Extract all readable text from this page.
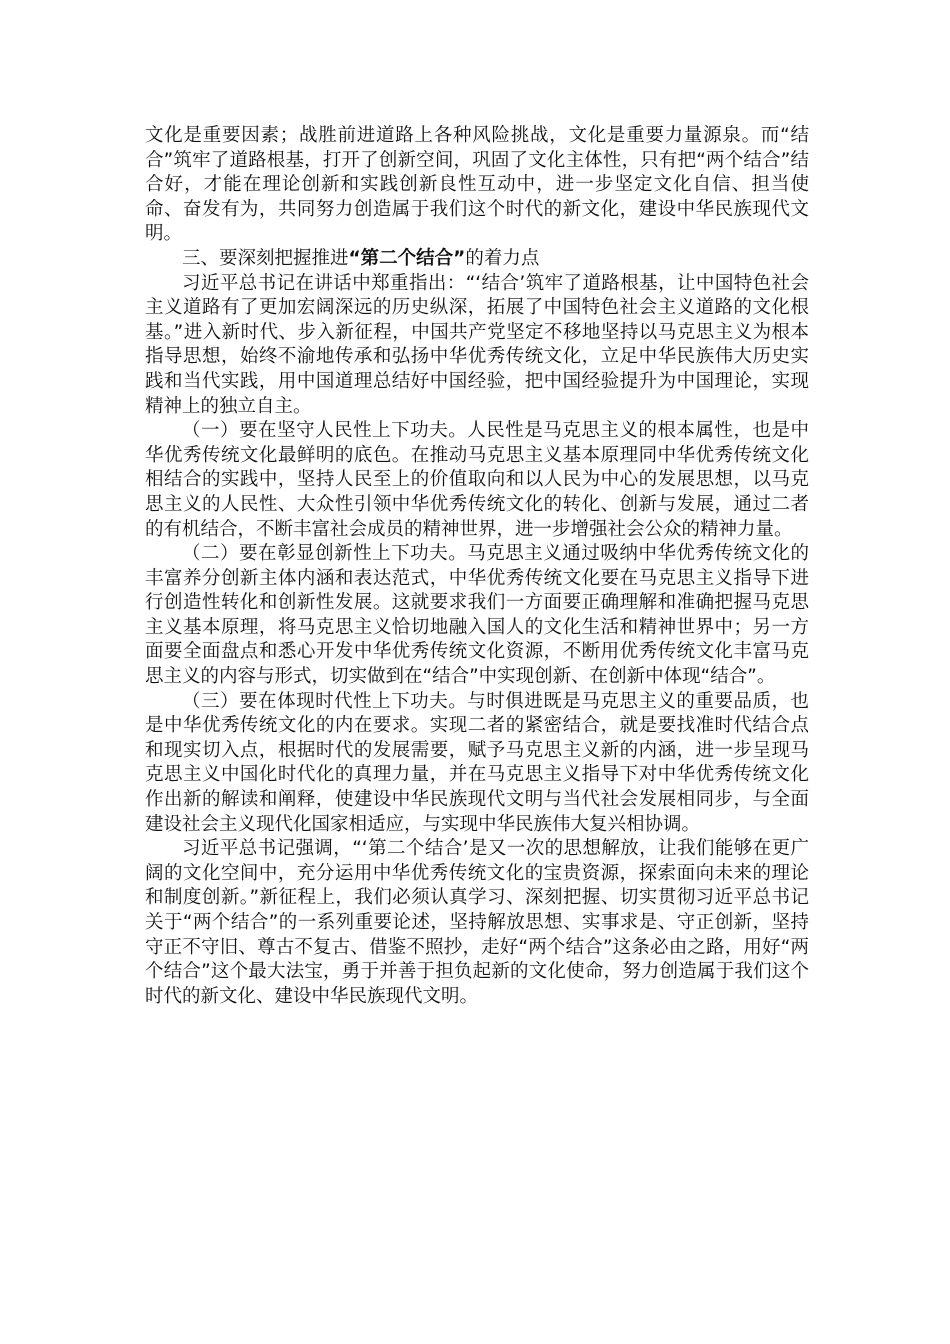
文化是重要因素；战胜前进道路上各种风险挑战，文化是重要力量源泉。而“结合”筑牢了道路根基，打开了创新空间，巩固了文化主体性，只有把“两个结合”结合好，才能在理论创新和实践创新良性互动中，进一步坚定文化自信、担当使命、奋发有为，共同努力创造属于我们这个时代的新文化，建设中华民族现代文明。

三、要深刻把握推进“第二个结合”的着力点

习近平总书记在讲话中郑重指出：“‘结合’筑牢了道路根基，让中国特色社会主义道路有了更加宏阔深远的历史纵深，拓展了中国特色社会主义道路的文化根基。”进入新时代、步入新征程，中国共产党坚定不移地坚持以马克思主义为根本指导思想，始终不渝地传承和弘扬中华优秀传统文化，立足中华民族伟大历史实践和当代实践，用中国道理总结好中国经验，把中国经验提升为中国理论，实现精神上的独立自主。

（一）要在坚守人民性上下功夫。人民性是马克思主义的根本属性，也是中华优秀传统文化最鲜明的底色。在推动马克思主义基本原理同中华优秀传统文化相结合的实践中，坚持人民至上的价值取向和以人民为中心的发展思想，以马克思主义的人民性、大众性引领中华优秀传统文化的转化、创新与发展，通过二者的有机结合，不断丰富社会成员的精神世界，进一步增强社会公众的精神力量。

（二）要在彰显创新性上下功夫。马克思主义通过吸纳中华优秀传统文化的丰富养分创新主体内涵和表达范式，中华优秀传统文化要在马克思主义指导下进行创造性转化和创新性发展。这就要求我们一方面要正确理解和准确把握马克思主义基本原理，将马克思主义恰切地融入国人的文化生活和精神世界中；另一方面要全面盘点和悉心开发中华优秀传统文化资源，不断用优秀传统文化丰富马克思主义的内容与形式，切实做到在“结合”中实现创新、在创新中体现“结合”。

（三）要在体现时代性上下功夫。与时俱进既是马克思主义的重要品质，也是中华优秀传统文化的内在要求。实现二者的紧密结合，就是要找准时代结合点和现实切入点，根据时代的发展需要，赋予马克思主义新的内涵，进一步呈现马克思主义中国化时代化的真理力量，并在马克思主义指导下对中华优秀传统文化作出新的解读和阐释，使建设中华民族现代文明与当代社会发展相同步，与全面建设社会主义现代化国家相适应，与实现中华民族伟大复兴相协调。

习近平总书记强调，“‘第二个结合’是又一次的思想解放，让我们能够在更广阔的文化空间中，充分运用中华优秀传统文化的宝贵资源，探索面向未来的理论和制度创新。”新征程上，我们必须认真学习、深刻把握、切实贯彻习近平总书记关于“两个结合”的一系列重要论述，坚持解放思想、实事求是、守正创新，坚持守正不守旧、尊古不复古、借鉴不照抄，走好“两个结合”这条必由之路，用好“两个结合”这个最大法宝，勇于并善于担负起新的文化使命，努力创造属于我们这个时代的新文化、建设中华民族现代文明。
